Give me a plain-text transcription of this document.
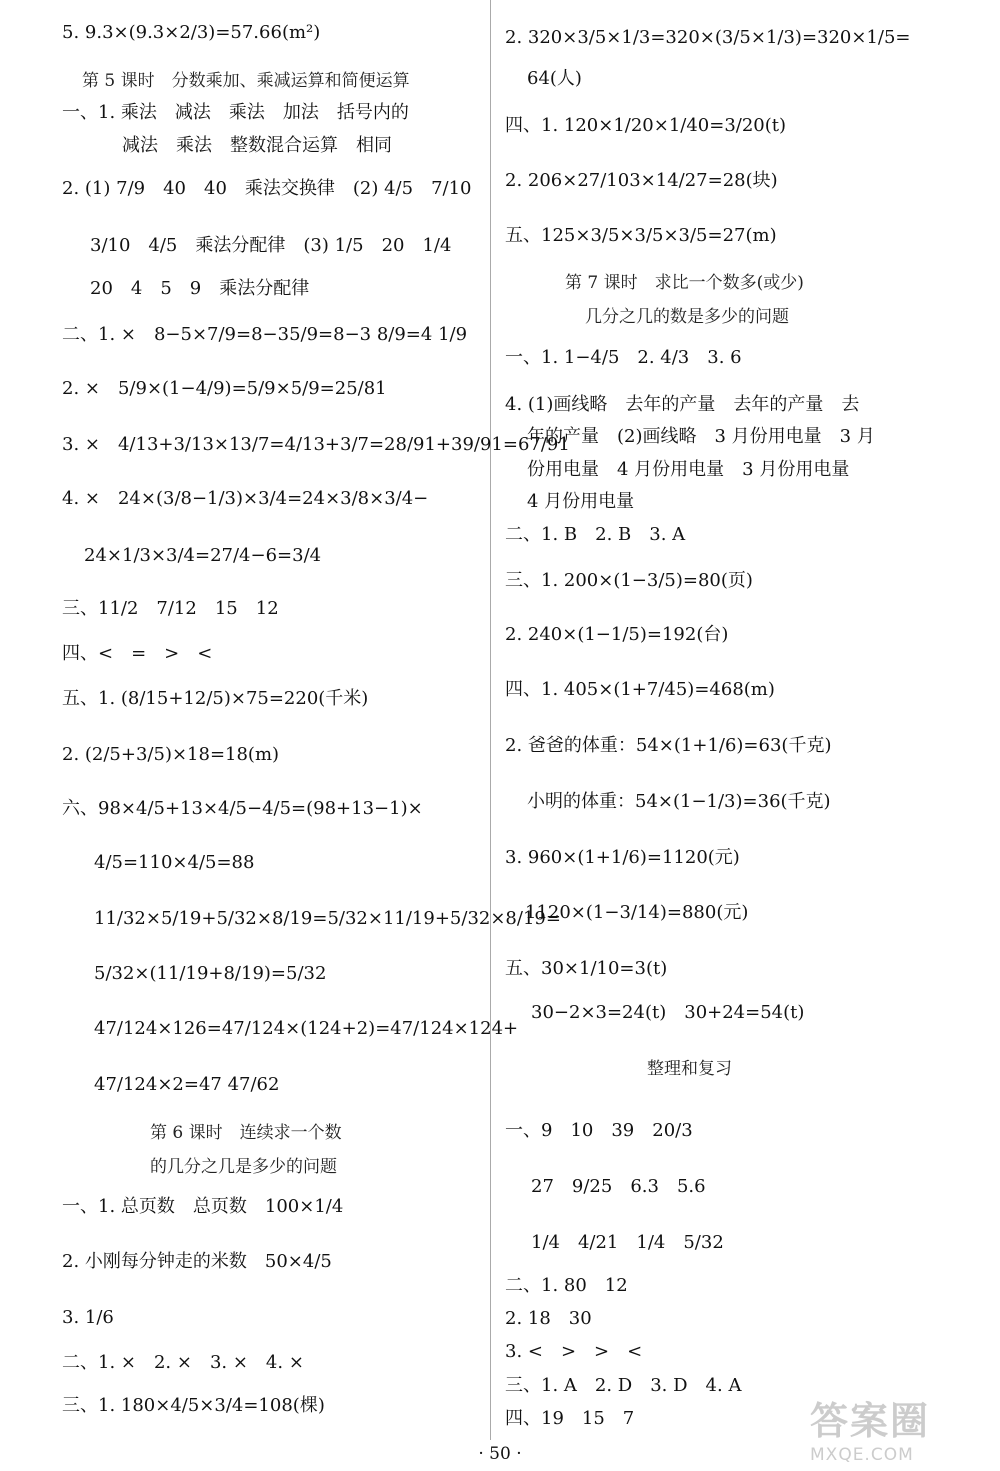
5. 9.3×(9.3×2/3)=57.66(m²)
第 5 课时　分数乘加、乘减运算和简便运算
一、1. 乘法　减法　乘法　加法　括号内的
减法　乘法　整数混合运算　相同
2. (1) 7/9　40　40　乘法交换律　(2) 4/5　7/10
3/10　4/5　乘法分配律　(3) 1/5　20　1/4
20　4　5　9　乘法分配律
二、1. ×　8−5×7/9=8−35/9=8−3 8/9=4 1/9
2. ×　5/9×(1−4/9)=5/9×5/9=25/81
3. ×　4/13+3/13×13/7=4/13+3/7=28/91+39/91=67/91
4. ×　24×(3/8−1/3)×3/4=24×3/8×3/4−
24×1/3×3/4=27/4−6=3/4
三、11/2　7/12　15　12
四、<　=　>　<
五、1. (8/15+12/5)×75=220(千米)
2. (2/5+3/5)×18=18(m)
六、98×4/5+13×4/5−4/5=(98+13−1)×
4/5=110×4/5=88
11/32×5/19+5/32×8/19=5/32×11/19+5/32×8/19=
5/32×(11/19+8/19)=5/32
47/124×126=47/124×(124+2)=47/124×124+
47/124×2=47 47/62
第 6 课时　连续求一个数
的几分之几是多少的问题
一、1. 总页数　总页数　100×1/4
2. 小刚每分钟走的米数　50×4/5
3. 1/6
二、1. ×　2. ×　3. ×　4. ×
三、1. 180×4/5×3/4=108(棵)
2. 320×3/5×1/3=320×(3/5×1/3)=320×1/5=
64(人)
四、1. 120×1/20×1/40=3/20(t)
2. 206×27/103×14/27=28(块)
五、125×3/5×3/5×3/5=27(m)
第 7 课时　求比一个数多(或少)
几分之几的数是多少的问题
一、1. 1−4/5　2. 4/3　3. 6
4. (1)画线略　去年的产量　去年的产量　去
年的产量　(2)画线略　3 月份用电量　3 月
份用电量　4 月份用电量　3 月份用电量
4 月份用电量
二、1. B　2. B　3. A
三、1. 200×(1−3/5)=80(页)
2. 240×(1−1/5)=192(台)
四、1. 405×(1+7/45)=468(m)
2. 爸爸的体重：54×(1+1/6)=63(千克)
小明的体重：54×(1−1/3)=36(千克)
3. 960×(1+1/6)=1120(元)
1120×(1−3/14)=880(元)
五、30×1/10=3(t)
30−2×3=24(t)　30+24=54(t)
整理和复习
一、9　10　39　20/3
27　9/25　6.3　5.6
1/4　4/21　1/4　5/32
二、1. 80　12
2. 18　30
3. <　>　>　<
三、1. A　2. D　3. D　4. A
四、19　15　7
· 50 ·
答案圈
MXQE.COM
